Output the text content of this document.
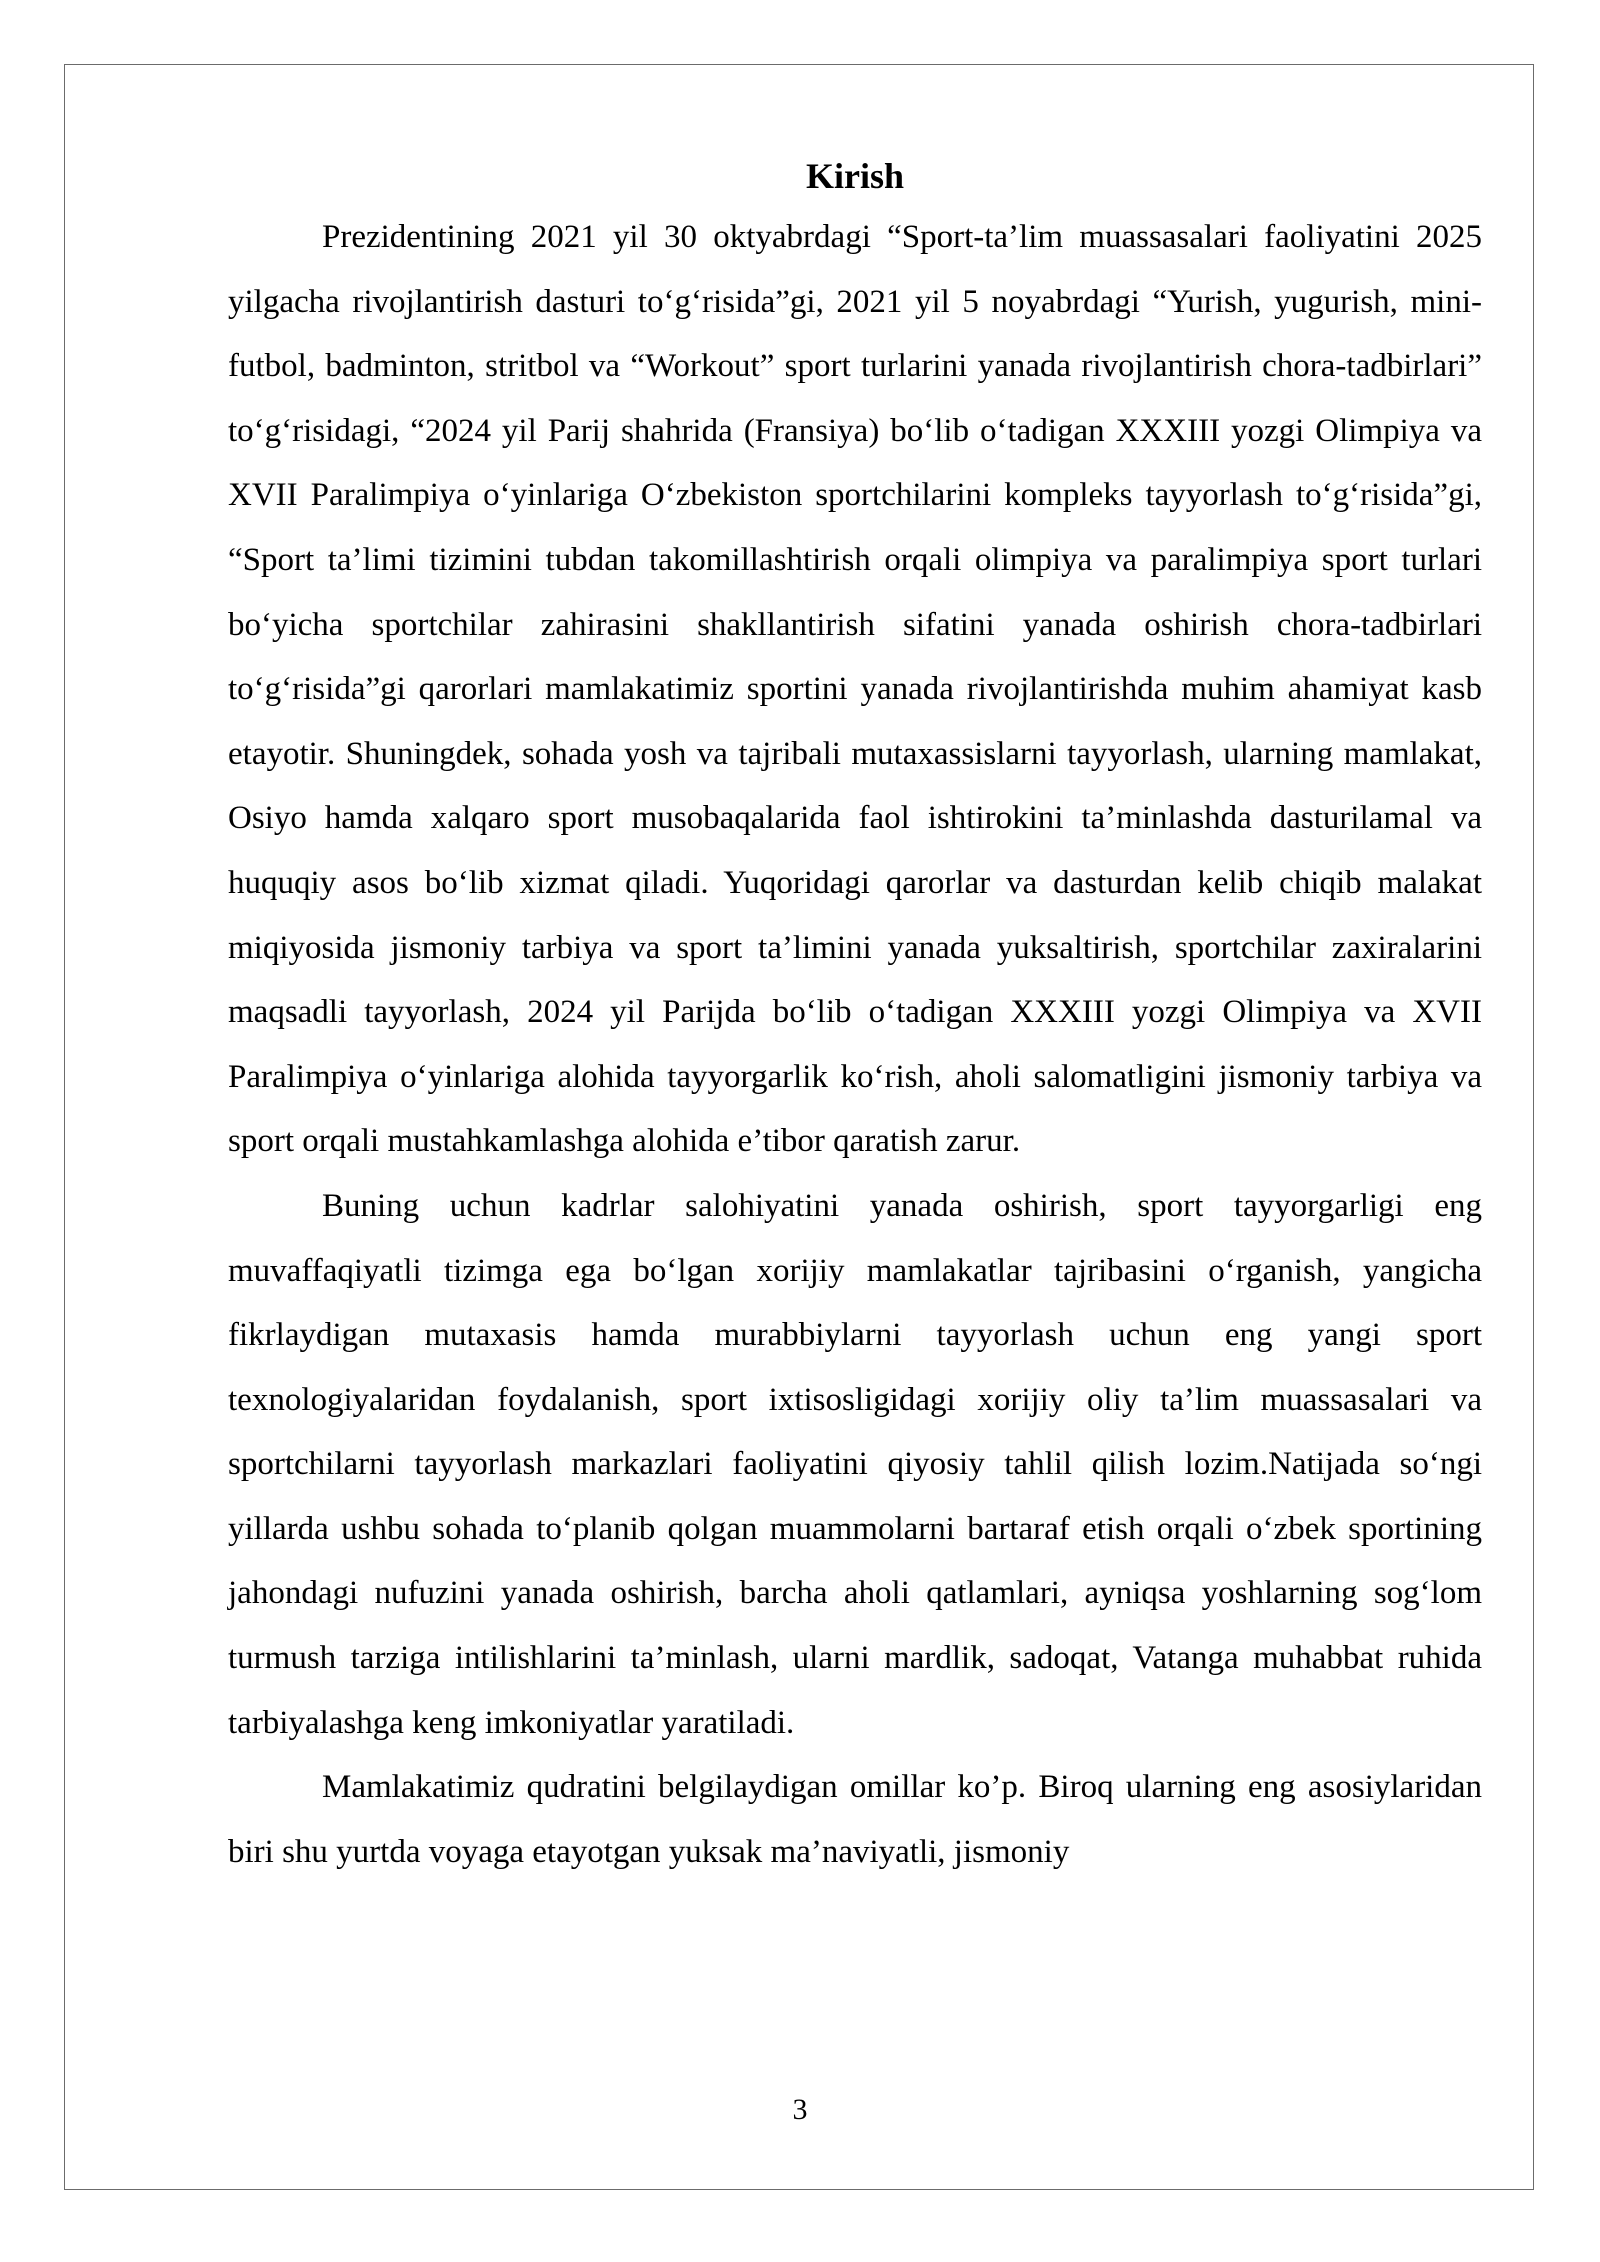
Kirish

Prezidentining 2021 yil 30 oktyabrdagi “Sport-ta’lim muassasalari faoliyatini 2025 yilgacha rivojlantirish dasturi to‘g‘risida”gi, 2021 yil 5 noyabrdagi “Yurish, yugurish, mini-futbol, badminton, stritbol va “Workout” sport turlarini yanada rivojlantirish chora-tadbirlari” to‘g‘risidagi, “2024 yil Parij shahrida (Fransiya) bo‘lib o‘tadigan XXXIII yozgi Olimpiya va XVII Paralimpiya o‘yinlariga O‘zbekiston sportchilarini kompleks tayyorlash to‘g‘risida”gi, “Sport ta’limi tizimini tubdan takomillashtirish orqali olimpiya va paralimpiya sport turlari bo‘yicha sportchilar zahirasini shakllantirish sifatini yanada oshirish chora-tadbirlari to‘g‘risida”gi qarorlari mamlakatimiz sportini yanada rivojlantirishda muhim ahamiyat kasb etayotir. Shuningdek, sohada yosh va tajribali mutaxassislarni tayyorlash, ularning mamlakat, Osiyo hamda xalqaro sport musobaqalarida faol ishtirokini ta’minlashda dasturilamal va huquqiy asos bo‘lib xizmat qiladi. Yuqoridagi qarorlar va dasturdan kelib chiqib malakat miqiyosida jismoniy tarbiya va sport ta’limini yanada yuksaltirish, sportchilar zaxiralarini maqsadli tayyorlash, 2024 yil Parijda bo‘lib o‘tadigan XXXIII yozgi Olimpiya va XVII Paralimpiya o‘yinlariga alohida tayyorgarlik ko‘rish, aholi salomatligini jismoniy tarbiya va sport orqali mustahkamlashga alohida e’tibor qaratish zarur.

Buning uchun kadrlar salohiyatini yanada oshirish, sport tayyorgarligi eng muvaffaqiyatli tizimga ega bo‘lgan xorijiy mamlakatlar tajribasini o‘rganish, yangicha fikrlaydigan mutaxasis hamda murabbiylarni tayyorlash uchun eng yangi sport texnologiyalaridan foydalanish, sport ixtisosligidagi xorijiy oliy ta’lim muassasalari va sportchilarni tayyorlash markazlari faoliyatini qiyosiy tahlil qilish lozim.Natijada so‘ngi yillarda ushbu sohada to‘planib qolgan muammolarni bartaraf etish orqali o‘zbek sportining jahondagi nufuzini yanada oshirish, barcha aholi qatlamlari, ayniqsa yoshlarning sog‘lom turmush tarziga intilishlarini ta’minlash, ularni mardlik, sadoqat, Vatanga muhabbat ruhida tarbiyalashga keng imkoniyatlar yaratiladi.

Mamlakatimiz qudratini belgilaydigan omillar ko’p. Biroq ularning eng asosiylaridan biri shu yurtda voyaga etayotgan yuksak ma’naviyatli, jismoniy

3
